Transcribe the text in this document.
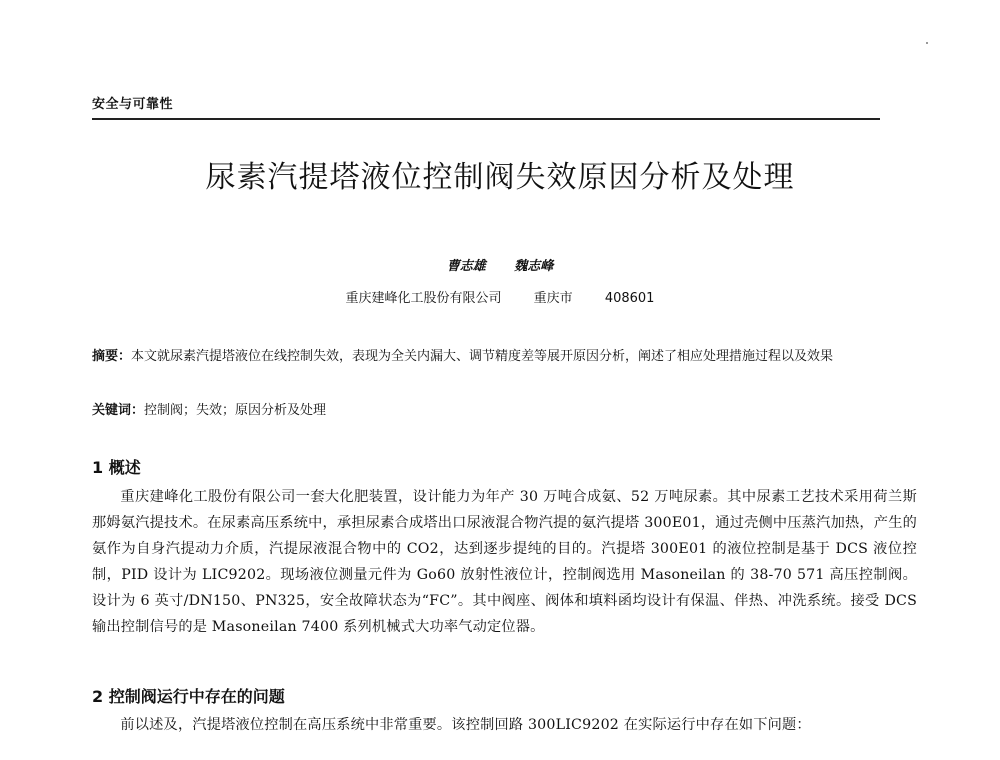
安全与可靠性
尿素汽提塔液位控制阀失效原因分析及处理
曹志雄 魏志峰
重庆建峰化工股份有限公司 重庆市 408601
摘要：本文就尿素汽提塔液位在线控制失效，表现为全关内漏大、调节精度差等展开原因分析，阐述了相应处理措施过程以及效果
关键词：控制阀；失效；原因分析及处理
1 概述

重庆建峰化工股份有限公司一套大化肥装置，设计能力为年产 30 万吨合成氨、52 万吨尿素。其中尿素工艺技术采用荷兰斯那姆氨汽提技术。在尿素高压系统中，承担尿素合成塔出口尿液混合物汽提的氨汽提塔 300E01，通过壳侧中压蒸汽加热，产生的氨作为自身汽提动力介质，汽提尿液混合物中的 CO2，达到逐步提纯的目的。汽提塔 300E01 的液位控制是基于 DCS 液位控制，PID 设计为 LIC9202。现场液位测量元件为 Go60 放射性液位计，控制阀选用 Masoneilan 的 38-70 571 高压控制阀。设计为 6 英寸/DN150、PN325，安全故障状态为“FC”。其中阀座、阀体和填料函均设计有保温、伴热、冲洗系统。接受 DCS 输出控制信号的是 Masoneilan 7400 系列机械式大功率气动定位器。

2 控制阀运行中存在的问题

前以述及，汽提塔液位控制在高压系统中非常重要。该控制回路 300LIC9202 在实际运行中存在如下问题：
